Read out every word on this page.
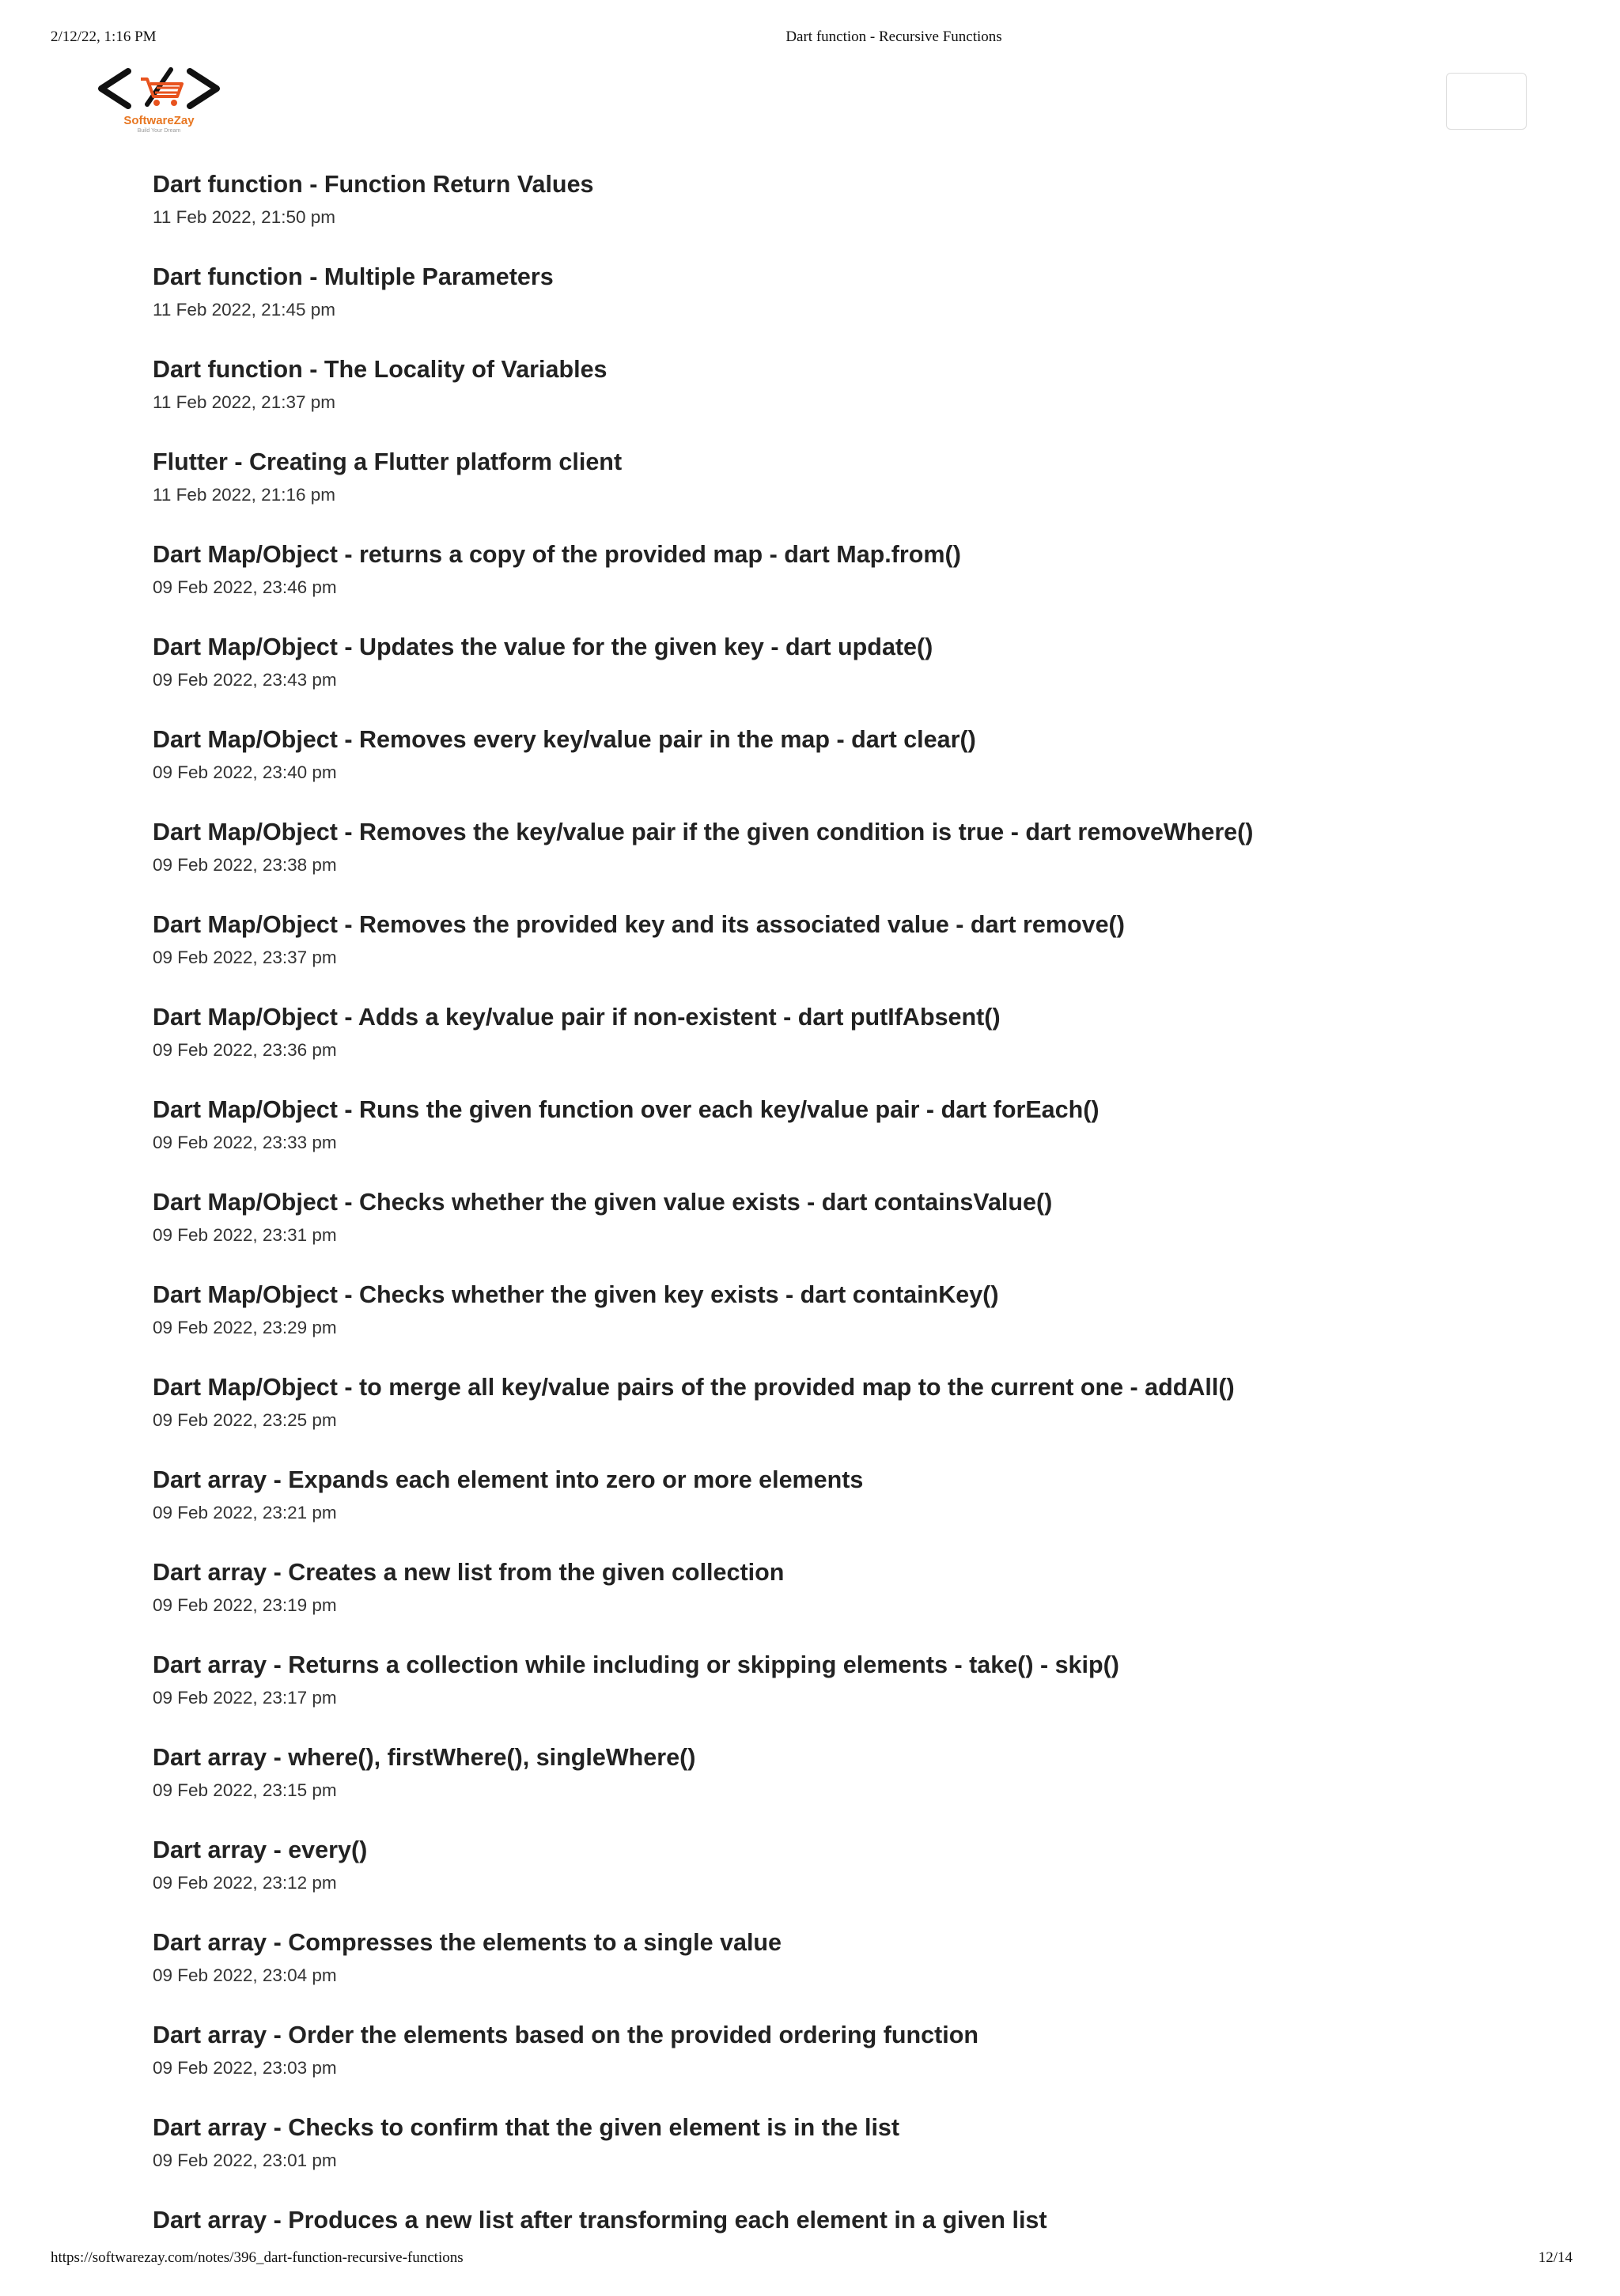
2/12/22, 1:16 PM	Dart function - Recursive Functions
SoftwareZay
Build Your Dream
Dart function - Function Return Values
11 Feb 2022, 21:50 pm
Dart function - Multiple Parameters
11 Feb 2022, 21:45 pm
Dart function - The Locality of Variables
11 Feb 2022, 21:37 pm
Flutter - Creating a Flutter platform client
11 Feb 2022, 21:16 pm
Dart Map/Object - returns a copy of the provided map - dart Map.from()
09 Feb 2022, 23:46 pm
Dart Map/Object - Updates the value for the given key - dart update()
09 Feb 2022, 23:43 pm
Dart Map/Object - Removes every key/value pair in the map - dart clear()
09 Feb 2022, 23:40 pm
Dart Map/Object - Removes the key/value pair if the given condition is true - dart removeWhere()
09 Feb 2022, 23:38 pm
Dart Map/Object - Removes the provided key and its associated value - dart remove()
09 Feb 2022, 23:37 pm
Dart Map/Object - Adds a key/value pair if non-existent - dart putIfAbsent()
09 Feb 2022, 23:36 pm
Dart Map/Object - Runs the given function over each key/value pair - dart forEach()
09 Feb 2022, 23:33 pm
Dart Map/Object - Checks whether the given value exists - dart containsValue()
09 Feb 2022, 23:31 pm
Dart Map/Object - Checks whether the given key exists - dart containKey()
09 Feb 2022, 23:29 pm
Dart Map/Object - to merge all key/value pairs of the provided map to the current one - addAll()
09 Feb 2022, 23:25 pm
Dart array - Expands each element into zero or more elements
09 Feb 2022, 23:21 pm
Dart array - Creates a new list from the given collection
09 Feb 2022, 23:19 pm
Dart array - Returns a collection while including or skipping elements - take() - skip()
09 Feb 2022, 23:17 pm
Dart array - where(), firstWhere(), singleWhere()
09 Feb 2022, 23:15 pm
Dart array - every()
09 Feb 2022, 23:12 pm
Dart array - Compresses the elements to a single value
09 Feb 2022, 23:04 pm
Dart array - Order the elements based on the provided ordering function
09 Feb 2022, 23:03 pm
Dart array - Checks to confirm that the given element is in the list
09 Feb 2022, 23:01 pm
Dart array - Produces a new list after transforming each element in a given list
https://softwarezay.com/notes/396_dart-function-recursive-functions	12/14
